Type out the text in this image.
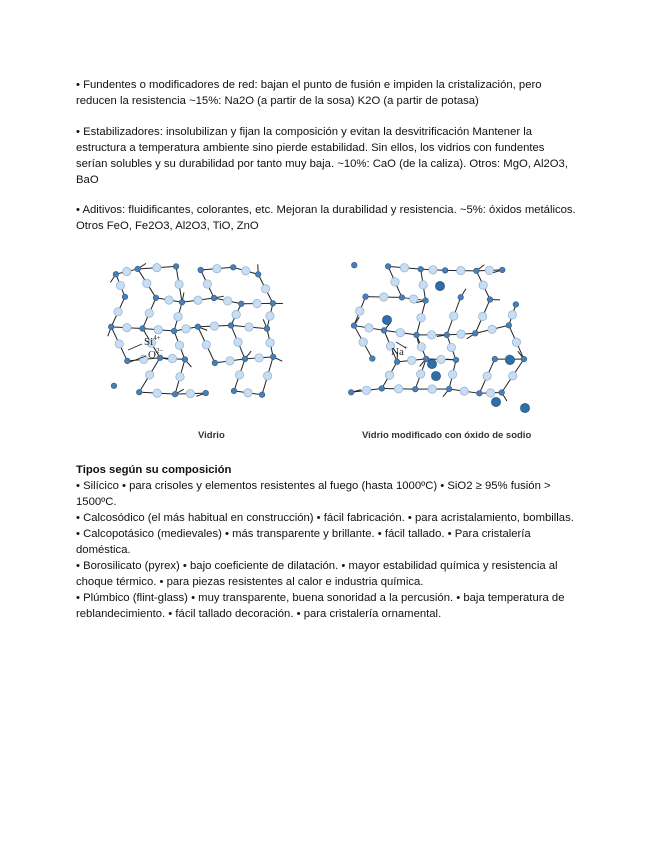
• Fundentes o modificadores de red: bajan el punto de fusión e impiden la cristalización, pero reducen la resistencia ~15%: Na2O (a partir de la sosa) K2O (a partir de potasa)
• Estabilizadores: insolubilizan y fijan la composición y evitan la desvitrificación Mantener la estructura a temperatura ambiente sino pierde estabilidad. Sin ellos, los vidrios con fundentes serían solubles y su durabilidad por tanto muy baja. ~10%: CaO (de la caliza). Otros: MgO, Al2O3, BaO
• Aditivos: fluidificantes, colorantes, etc. Mejoran la durabilidad y resistencia. ~5%: óxidos metálicos. Otros FeO, Fe2O3, Al2O3, TiO, ZnO
$Si^{4+}$
$O^{2-}$	Na+
Vidrio	Vidrio modificado con óxido de sodio
Tipos según su composición
• Silícico • para crisoles y elementos resistentes al fuego (hasta 1000ºC) • SiO2 ≥ 95% fusión > 1500ºC.
• Calcosódico (el más habitual en construcción) • fácil fabricación. • para acristalamiento, bombillas.
• Calcopotásico (medievales) • más transparente y brillante. • fácil tallado. • Para cristalería doméstica.
• Borosilicato (pyrex) • bajo coeficiente de dilatación. • mayor estabilidad química y resistencia al choque térmico. • para piezas resistentes al calor e industria química.
• Plúmbico (flint-glass) • muy transparente, buena sonoridad a la percusión. • baja temperatura de reblandecimiento. • fácil tallado decoración. • para cristalería ornamental.
